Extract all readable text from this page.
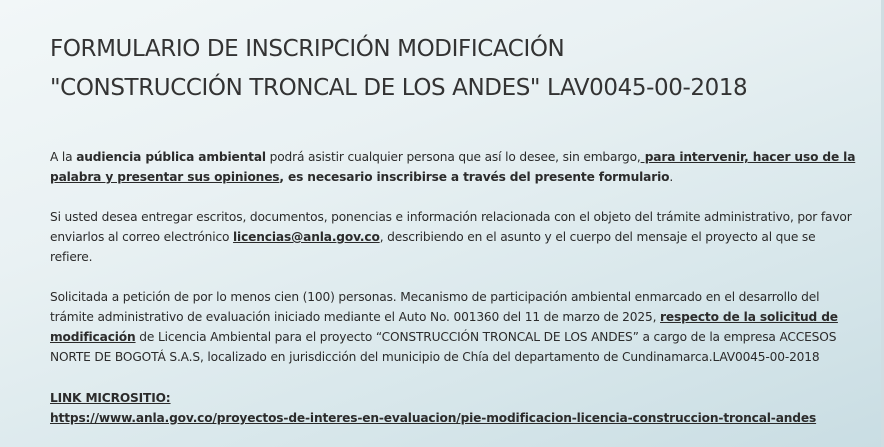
FORMULARIO DE INSCRIPCIÓN MODIFICACIÓN
"CONSTRUCCIÓN TRONCAL DE LOS ANDES" LAV0045-00-2018

A la audiencia pública ambiental podrá asistir cualquier persona que así lo desee, sin embargo, para intervenir, hacer uso de la palabra y presentar sus opiniones, es necesario inscribirse a través del presente formulario.

Si usted desea entregar escritos, documentos, ponencias e información relacionada con el objeto del trámite administrativo, por favor enviarlos al correo electrónico licencias@anla.gov.co, describiendo en el asunto y el cuerpo del mensaje el proyecto al que se refiere.

Solicitada a petición de por lo menos cien (100) personas. Mecanismo de participación ambiental enmarcado en el desarrollo del trámite administrativo de evaluación iniciado mediante el Auto No. 001360 del 11 de marzo de 2025, respecto de la solicitud de modificación de Licencia Ambiental para el proyecto “CONSTRUCCIÓN TRONCAL DE LOS ANDES” a cargo de la empresa ACCESOS NORTE DE BOGOTÁ S.A.S, localizado en jurisdicción del municipio de Chía del departamento de Cundinamarca.LAV0045-00-2018

LINK MICROSITIO:
https://www.anla.gov.co/proyectos-de-interes-en-evaluacion/pie-modificacion-licencia-construccion-troncal-andes
